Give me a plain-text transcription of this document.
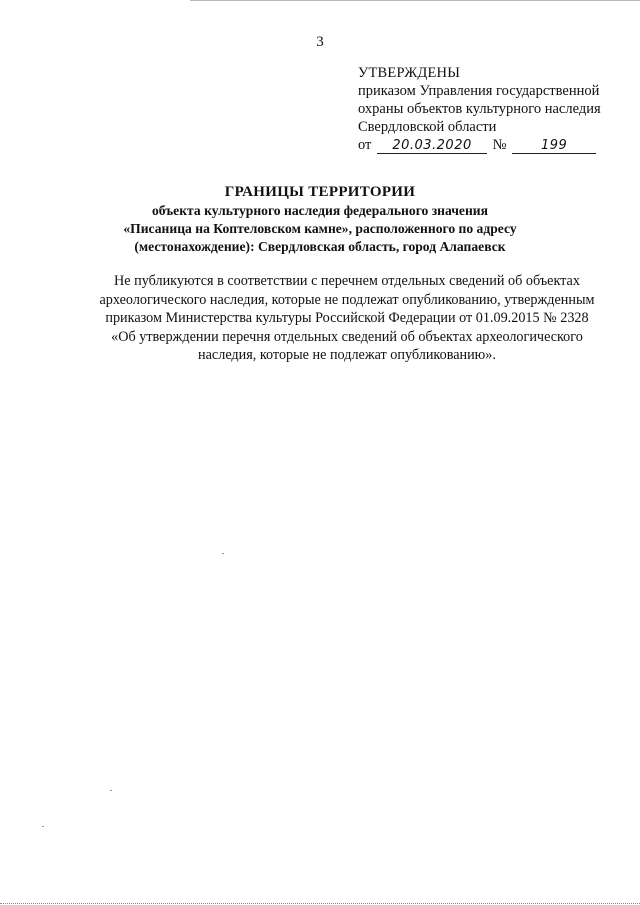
3
УТВЕРЖДЕНЫ
приказом Управления государственной
охраны объектов культурного наследия
Свердловской области
от 20.03.2020 №	199
ГРАНИЦЫ ТЕРРИТОРИИ
объекта культурного наследия федерального значения
«Писаница на Коптеловском камне», расположенного по адресу
(местонахождение): Свердловская область, город Алапаевск
Не публикуются в соответствии с перечнем отдельных сведений об объектах
археологического наследия, которые не подлежат опубликованию, утвержденным
приказом Министерства культуры Российской Федерации от 01.09.2015 № 2328
«Об утверждении перечня отдельных сведений об объектах археологического
наследия, которые не подлежат опубликованию».
